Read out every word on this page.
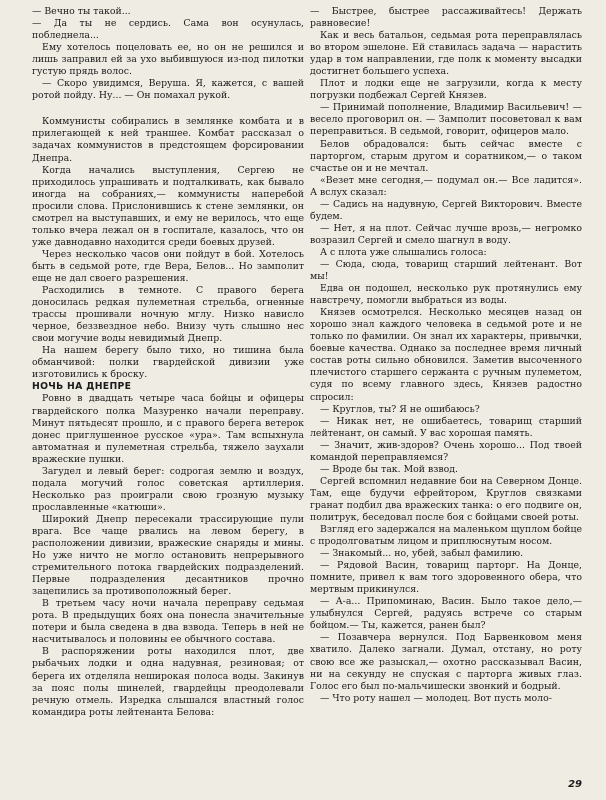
— Вечно ты такой...

— Да ты не сердись. Сама вон осунулась, побледнела...

Ему хотелось поцеловать ее, но он не решился и лишь заправил ей за ухо выбившуюся из-под пилотки густую прядь волос.

— Скоро увидимся, Веруша. Я, кажется, с вашей ротой пойду. Ну... — Он помахал рукой.

Коммунисты собирались в землянке комбата и в прилегающей к ней траншее. Комбат рассказал о задачах коммунистов в предстоящем форсировании Днепра.

Когда начались выступления, Сергею не приходилось упрашивать и подталкивать, как бывало иногда на собраниях,— коммунисты наперебой просили слова. Прислонившись к стене землянки, он смотрел на выступавших, и ему не верилось, что еще только вчера лежал он в госпитале, казалось, что он уже давнодавно находится среди боевых друзей.

Через несколько часов они пойдут в бой. Хотелось быть в седьмой роте, где Вера, Белов... Но замполит еще не дал своего разрешения.

Расходились в темноте. С правого берега доносилась редкая пулеметная стрельба, огненные трассы прошивали ночную мглу. Низко нависло черное, беззвездное небо. Внизу чуть слышно нес свои могучие воды невидимый Днепр.

На нашем берегу было тихо, но тишина была обманчивой: полки гвардейской дивизии уже изготовились к броску.

НОЧЬ НА ДНЕПРЕ

Ровно в двадцать четыре часа бойцы и офицеры гвардейского полка Мазуренко начали переправу. Минут пятьдесят прошло, и с правого берега ветерок донес приглушенное русское «ура». Там вспыхнула автоматная и пулеметная стрельба, тяжело заухали вражеские пушки.

Загудел и левый берег: содрогая землю и воздух, подала могучий голос советская артиллерия. Несколько раз проиграли свою грозную музыку прославленные «катюши».

Широкий Днепр пересекали трассирующие пули врага. Все чаще рвались на левом берегу, в расположении дивизии, вражеские снаряды и мины. Но уже ничто не могло остановить непрерывного стремительного потока гвардейских подразделений. Первые подразделения десантников прочно зацепились за противоположный берег.

В третьем часу ночи начала переправу седьмая рота. В предыдущих боях она понесла значительные потери и была сведена в два взвода. Теперь в ней не насчитывалось и половины ее обычного состава.

В распоряжении роты находился плот, две рыбачьих лодки и одна надувная, резиновая; от берега их отделяла неширокая полоса воды. Закинув за пояс полы шинелей, гвардейцы преодолевали речную отмель. Изредка слышался властный голос командира роты лейтенанта Белова:

— Быстрее, быстрее рассаживайтесь! Держать равновесие!

Как и весь батальон, седьмая рота переправлялась во втором эшелоне. Ей ставилась задача — нарастить удар в том направлении, где полк к моменту высадки достигнет большего успеха.

Плот и лодки еще не загрузили, когда к месту погрузки подбежал Сергей Князев.

— Принимай пополнение, Владимир Васильевич! — весело проговорил он. — Замполит посоветовал к вам переправиться. В седьмой, говорит, офицеров мало.

Белов обрадовался: быть сейчас вместе с парторгом, старым другом и соратником,— о таком счастье он и не мечтал.

«Везет мне сегодня,— подумал он.— Все ладится». А вслух сказал:

— Садись на надувную, Сергей Викторович. Вместе будем.

— Нет, я на плот. Сейчас лучше врозь,— негромко возразил Сергей и смело шагнул в воду.

А с плота уже слышались голоса:

— Сюда, сюда, товарищ старший лейтенант. Вот мы!

Едва он подошел, несколько рук протянулись ему навстречу, помогли выбраться из воды.

Князев осмотрелся. Несколько месяцев назад он хорошо знал каждого человека в седьмой роте и не только по фамилии. Он знал их характеры, привычки, боевые качества. Однако за последнее время личный состав роты сильно обновился. Заметив высоченного плечистого старшего сержанта с ручным пулеметом, судя по всему главного здесь, Князев радостно спросил:

— Круглов, ты? Я не ошибаюсь?

— Никак нет, не ошибаетесь, товарищ старший лейтенант, он самый. У вас хорошая память.

— Значит, жив-здоров? Очень хорошо... Под твоей командой переправляемся?

— Вроде бы так. Мой взвод.

Сергей вспомнил недавние бои на Северном Донце. Там, еще будучи ефрейтором, Круглов связками гранат подбил два вражеских танка: о его подвиге он, политрук, беседовал после боя с бойцами своей роты.

Взгляд его задержался на маленьком щуплом бойце с продолговатым лицом и приплюснутым носом.

— Знакомый... но, убей, забыл фамилию.

— Рядовой Васин, товарищ парторг. На Донце, помните, привел к вам того здоровенного обера, что мертвым прикинулся.

— А-а... Припоминаю, Васин. Было такое дело,— улыбнулся Сергей, радуясь встрече со старым бойцом.— Ты, кажется, ранен был?

— Позавчера вернулся. Под Барвенковом меня хватило. Далеко загнали. Думал, отстану, но роту свою все же разыскал,— охотно рассказывал Васин, ни на секунду не спуская с парторга живых глаз. Голос его был по-мальчишески звонкий и бодрый.

— Что роту нашел — молодец. Вот пусть моло-

29
